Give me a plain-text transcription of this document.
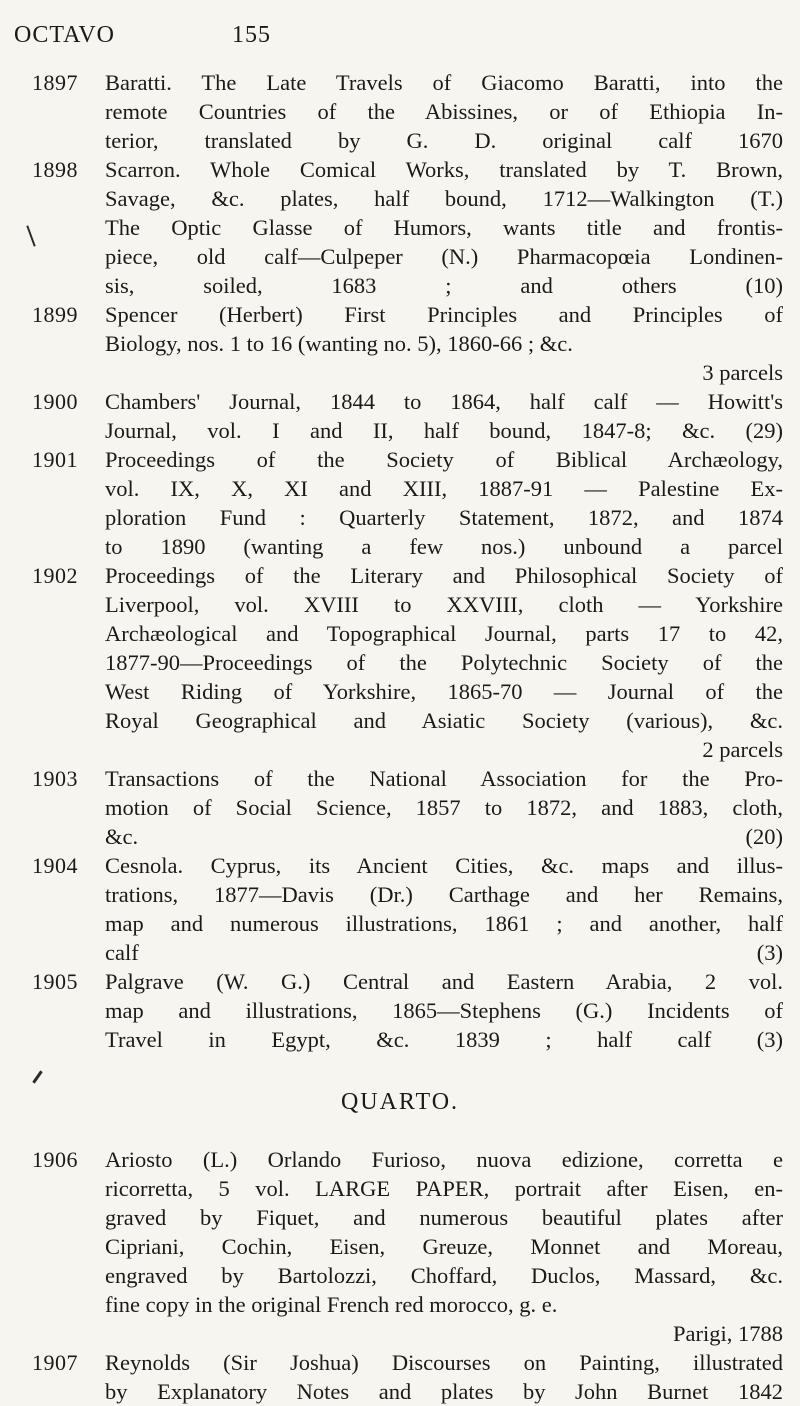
OCTAVO	155
1897 Baratti. The Late Travels of Giacomo Baratti, into the
remote Countries of the Abissines, or of Ethiopia In-
terior, translated by G. D. original calf 1670
1898 Scarron. Whole Comical Works, translated by T. Brown,
Savage, &c. plates, half bound, 1712—Walkington (T.)
The Optic Glasse of Humors, wants title and frontis-
piece, old calf—Culpeper (N.) Pharmacopœia Londinen-
sis, soiled, 1683 ; and others (10)
1899 Spencer (Herbert) First Principles and Principles of
Biology, nos. 1 to 16 (wanting no. 5), 1860-66 ; &c.
3 parcels
1900 Chambers' Journal, 1844 to 1864, half calf — Howitt's
Journal, vol. I and II, half bound, 1847-8; &c. (29)
1901 Proceedings of the Society of Biblical Archæology,
vol. IX, X, XI and XIII, 1887-91 — Palestine Ex-
ploration Fund : Quarterly Statement, 1872, and 1874
to 1890 (wanting a few nos.) unbound a parcel
1902 Proceedings of the Literary and Philosophical Society of
Liverpool, vol. XVIII to XXVIII, cloth — Yorkshire
Archæological and Topographical Journal, parts 17 to 42,
1877-90—Proceedings of the Polytechnic Society of the
West Riding of Yorkshire, 1865-70 — Journal of the
Royal Geographical and Asiatic Society (various), &c.
2 parcels
1903 Transactions of the National Association for the Pro-
motion of Social Science, 1857 to 1872, and 1883, cloth,
&c. (20)
1904 Cesnola. Cyprus, its Ancient Cities, &c. maps and illus-
trations, 1877—Davis (Dr.) Carthage and her Remains,
map and numerous illustrations, 1861 ; and another, half
calf (3)
1905 Palgrave (W. G.) Central and Eastern Arabia, 2 vol.
map and illustrations, 1865—Stephens (G.) Incidents of
Travel in Egypt, &c. 1839 ; half calf (3)
QUARTO.
1906 Ariosto (L.) Orlando Furioso, nuova edizione, corretta e
ricorretta, 5 vol. LARGE PAPER, portrait after Eisen, en-
graved by Fiquet, and numerous beautiful plates after
Cipriani, Cochin, Eisen, Greuze, Monnet and Moreau,
engraved by Bartolozzi, Choffard, Duclos, Massard, &c.
fine copy in the original French red morocco, g. e.
Parigi, 1788
1907 Reynolds (Sir Joshua) Discourses on Painting, illustrated
by Explanatory Notes and plates by John Burnet 1842
